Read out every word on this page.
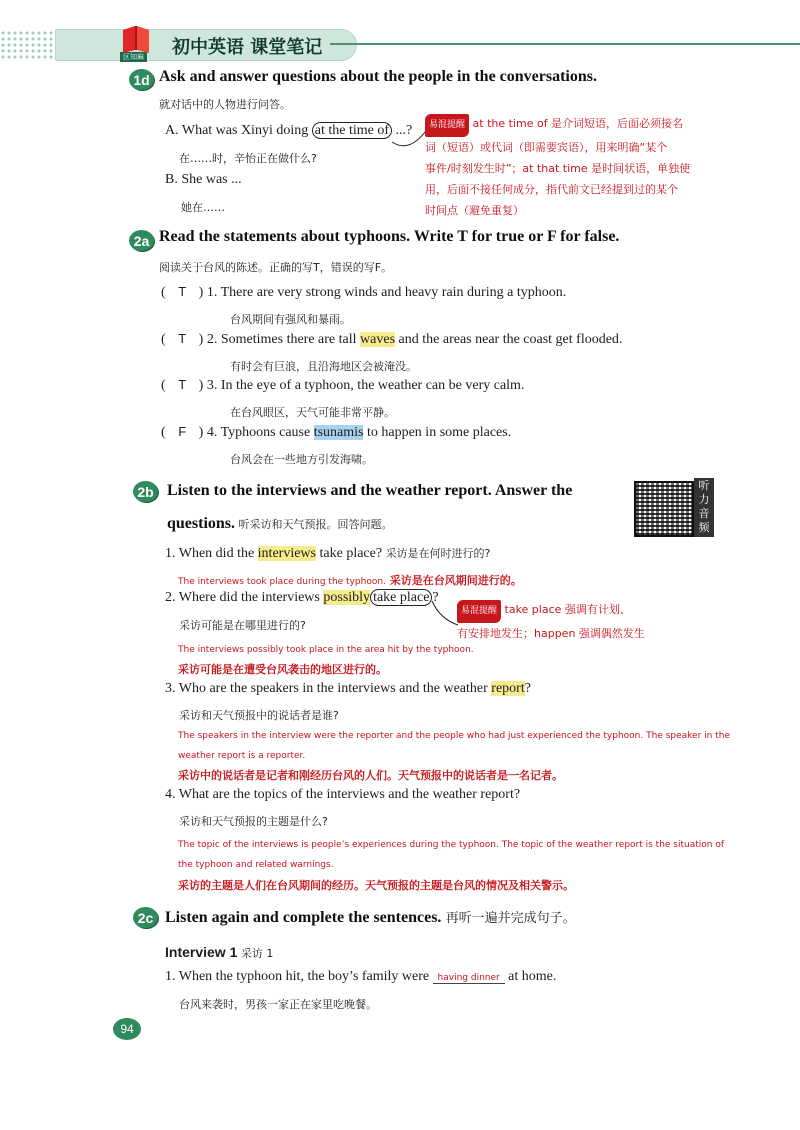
区知麻 初中英语 课堂笔记
1d Ask and answer questions about the people in the conversations.
就对话中的人物进行问答。
A. What was Xinyi doing at the time of ...?
在……时，辛怡正在做什么?
B. She was ...
她在……
易混提醒 at the time of 是介词短语，后面必须接名
词（短语）或代词（即需要宾语），用来明确“某个
事件/时刻发生时”；at that time 是时间状语，单独使
用，后面不接任何成分，指代前文已经提到过的某个
时间点（避免重复）
2a Read the statements about typhoons. Write T for true or F for false.
阅读关于台风的陈述。正确的写T，错误的写F。
( T ) 1. There are very strong winds and heavy rain during a typhoon.
台风期间有强风和暴雨。
( T ) 2. Sometimes there are tall waves and the areas near the coast get flooded.
有时会有巨浪，且沿海地区会被淹没。
( T ) 3. In the eye of a typhoon, the weather can be very calm.
在台风眼区，天气可能非常平静。
( F ) 4. Typhoons cause tsunamis to happen in some places.
台风会在一些地方引发海啸。
2b Listen to the interviews and the weather report. Answer the
questions. 听采访和天气预报。回答问题。
听力音频
1. When did the interviews take place? 采访是在何时进行的?
The interviews took place during the typhoon. 采访是在台风期间进行的。
2. Where did the interviews possibly take place ?
采访可能是在哪里进行的?
易混提醒 take place 强调有计划、
有安排地发生；happen 强调偶然发生
The interviews possibly took place in the area hit by the typhoon.
采访可能是在遭受台风袭击的地区进行的。
3. Who are the speakers in the interviews and the weather report?
采访和天气预报中的说话者是谁?
The speakers in the interview were the reporter and the people who had just experienced the typhoon. The speaker in the
weather report is a reporter.
采访中的说话者是记者和刚经历台风的人们。天气预报中的说话者是一名记者。
4. What are the topics of the interviews and the weather report?
采访和天气预报的主题是什么?
The topic of the interviews is people’s experiences during the typhoon. The topic of the weather report is the situation of
the typhoon and related warnings.
采访的主题是人们在台风期间的经历。天气预报的主题是台风的情况及相关警示。
2c Listen again and complete the sentences. 再听一遍并完成句子。
Interview 1 采访 1
1. When the typhoon hit, the boy’s family were having dinner at home.
台风来袭时，男孩一家正在家里吃晚餐。
94
